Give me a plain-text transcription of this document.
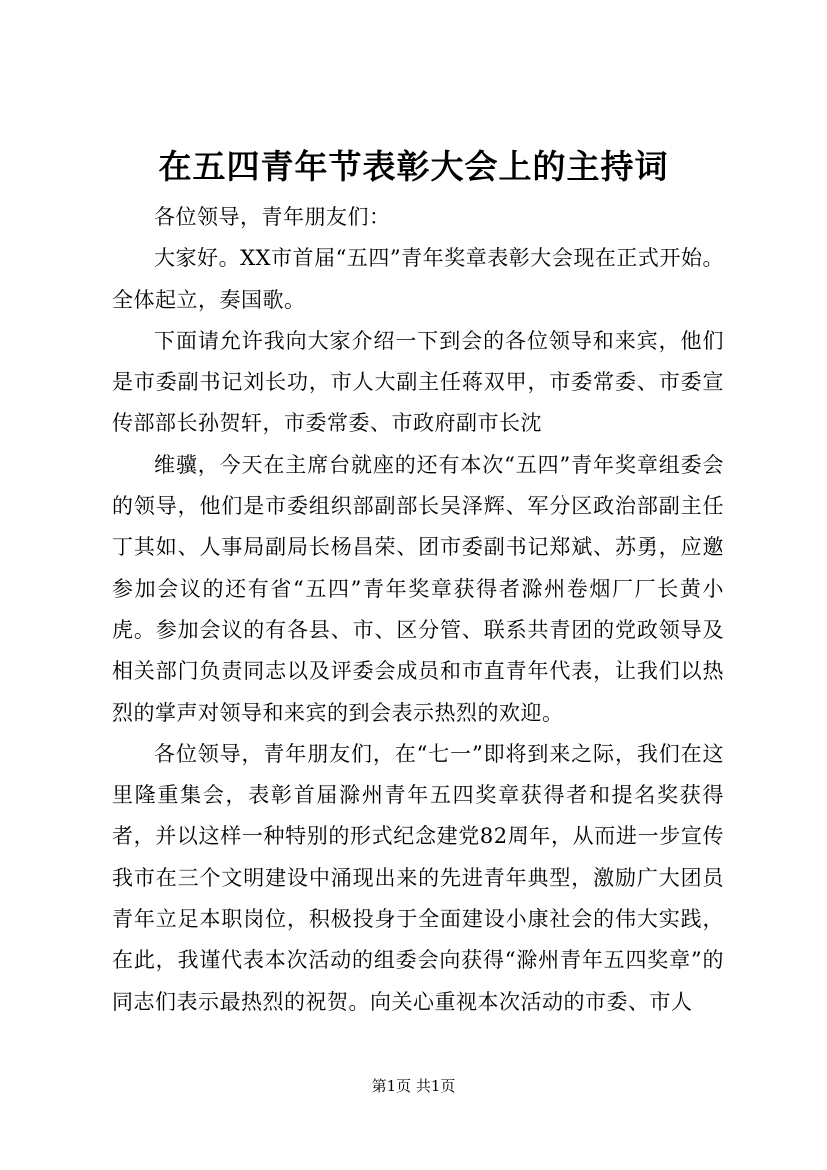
在五四青年节表彰大会上的主持词

各位领导，青年朋友们：

大家好。XX市首届“五四”青年奖章表彰大会现在正式开始。全体起立，奏国歌。

下面请允许我向大家介绍一下到会的各位领导和来宾，他们是市委副书记刘长功，市人大副主任蒋双甲，市委常委、市委宣传部部长孙贺轩，市委常委、市政府副市长沈

维骥，今天在主席台就座的还有本次“五四”青年奖章组委会的领导，他们是市委组织部副部长吴泽辉、军分区政治部副主任丁其如、人事局副局长杨昌荣、团市委副书记郑斌、苏勇，应邀参加会议的还有省“五四”青年奖章获得者滁州卷烟厂厂长黄小虎。参加会议的有各县、市、区分管、联系共青团的党政领导及相关部门负责同志以及评委会成员和市直青年代表，让我们以热烈的掌声对领导和来宾的到会表示热烈的欢迎。

各位领导，青年朋友们，在“七一”即将到来之际，我们在这里隆重集会，表彰首届滁州青年五四奖章获得者和提名奖获得者，并以这样一种特别的形式纪念建党82周年，从而进一步宣传我市在三个文明建设中涌现出来的先进青年典型，激励广大团员青年立足本职岗位，积极投身于全面建设小康社会的伟大实践，在此，我谨代表本次活动的组委会向获得“滁州青年五四奖章”的同志们表示最热烈的祝贺。向关心重视本次活动的市委、市人

第1页 共1页
